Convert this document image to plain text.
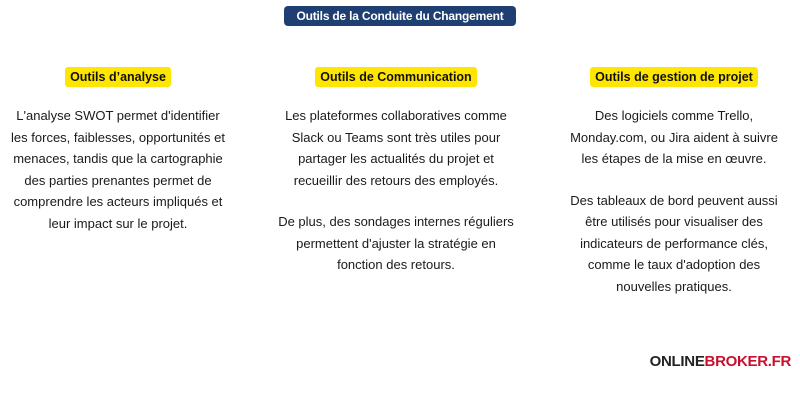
Outils de la Conduite du Changement
Outils d’analyse

L'analyse SWOT permet d'identifier les forces, faiblesses, opportunités et menaces, tandis que la cartographie des parties prenantes permet de comprendre les acteurs impliqués et leur impact sur le projet.

Outils de Communication

Les plateformes collaboratives comme Slack ou Teams sont très utiles pour partager les actualités du projet et recueillir des retours des employés.

De plus, des sondages internes réguliers permettent d'ajuster la stratégie en fonction des retours.

Outils de gestion de projet

Des logiciels comme Trello, Monday.com, ou Jira aident à suivre les étapes de la mise en œuvre.

Des tableaux de bord peuvent aussi être utilisés pour visualiser des indicateurs de performance clés, comme le taux d'adoption des nouvelles pratiques.

ONLINEBROKER.FR
